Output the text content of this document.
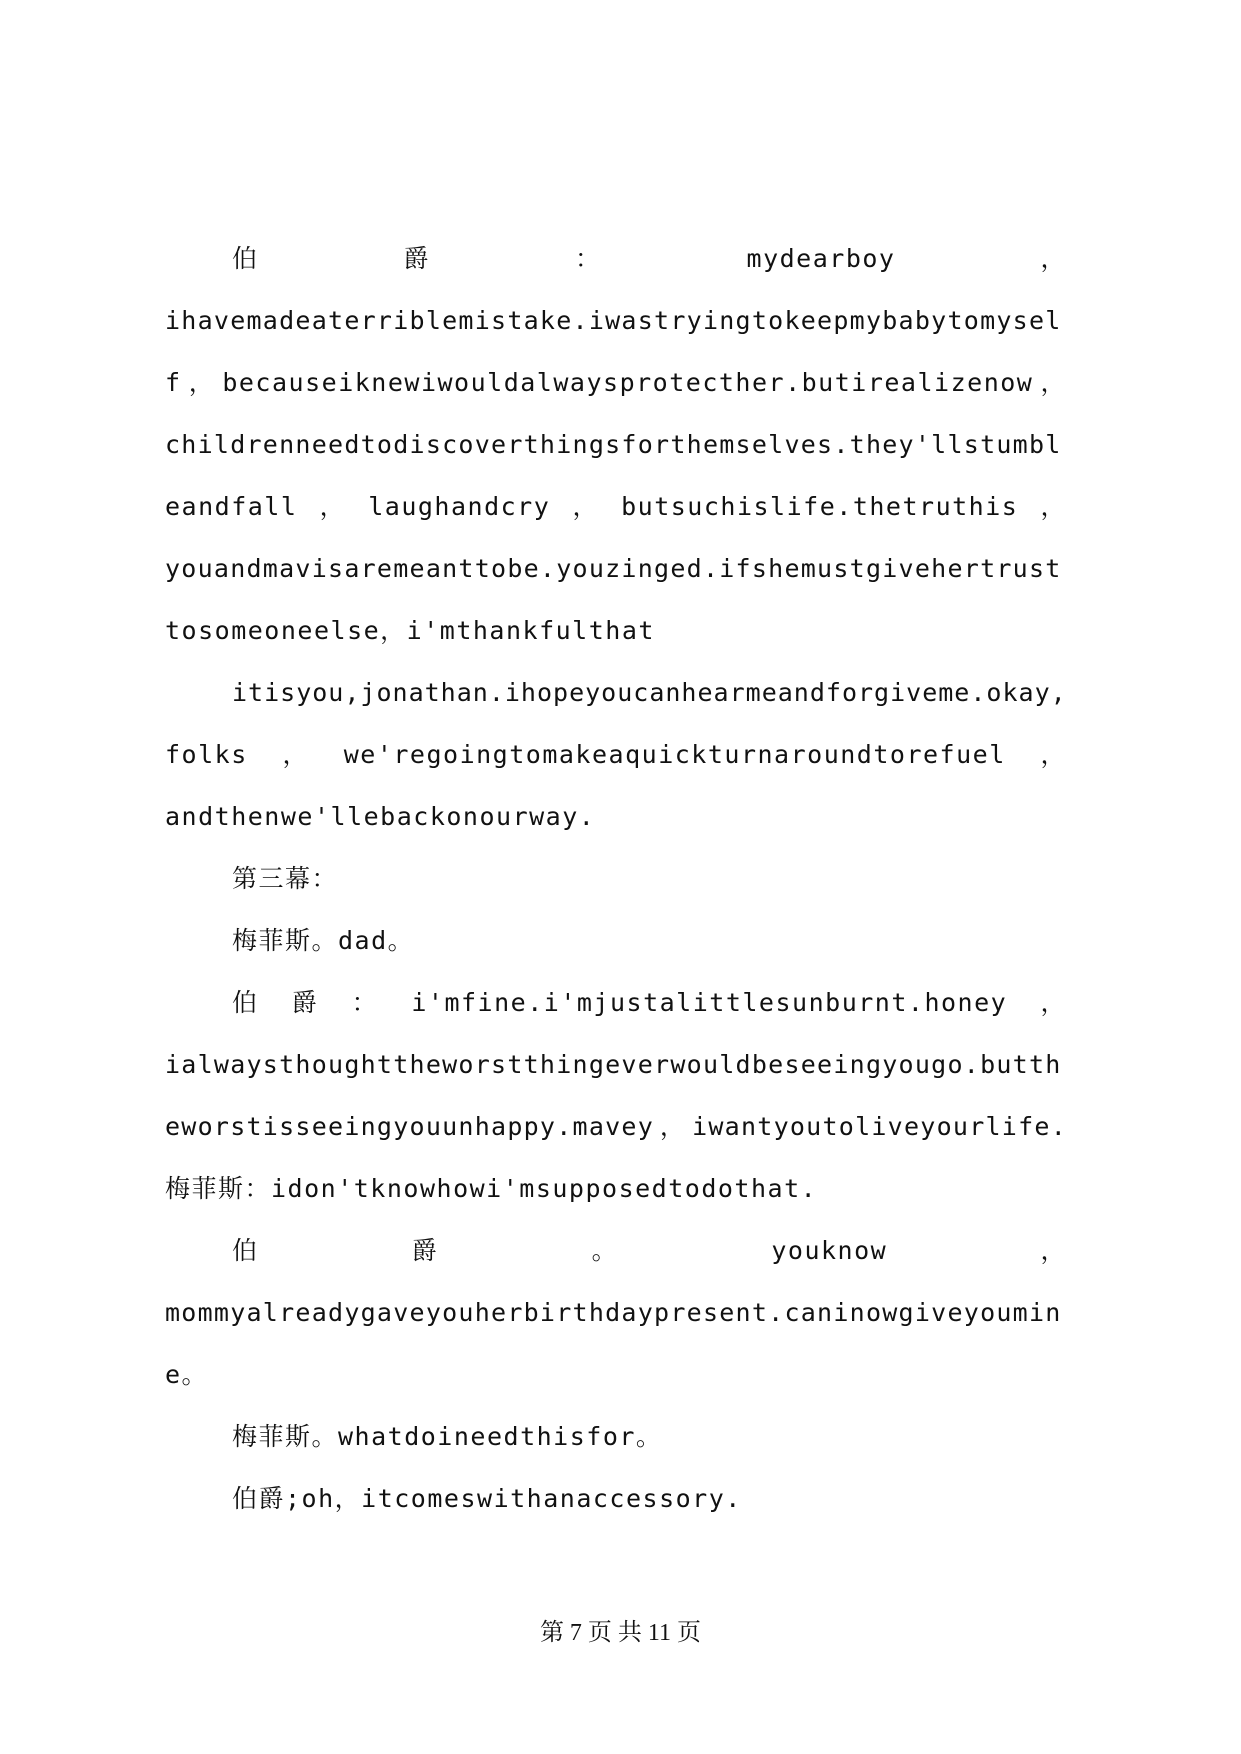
伯爵：mydearboy，
ihavemadeaterriblemistake.iwastryingtokeepmybabytomysel
f，becauseiknewiwouldalwaysprotecther.butirealizenow，
childrenneedtodiscoverthingsforthemselves.they'llstumbl
eandfall，laughandcry，butsuchislife.thetruthis，
youandmavisaremeanttobe.youzinged.ifshemustgivehertrust
tosomeoneelse，i'mthankfulthat

itisyou,jonathan.ihopeyoucanhearmeandforgiveme.okay,
folks，we'regoingtomakeaquickturnaroundtorefuel，
andthenwe'llebackonourway.

第三幕：

梅菲斯。dad。

伯爵：i'mfine.i'mjustalittlesunburnt.honey，
ialwaysthoughttheworstthingeverwouldbeseeingyougo.butth
eworstisseeingyouunhappy.mavey，iwantyoutoliveyourlife.
梅菲斯：idon'tknowhowi'msupposedtodothat.

伯爵。youknow，
mommyalreadygaveyouherbirthdaypresent.caninowgiveyoumin
e。

梅菲斯。whatdoineedthisfor。

伯爵;oh，itcomeswithanaccessory.

第 7 页 共 11 页
